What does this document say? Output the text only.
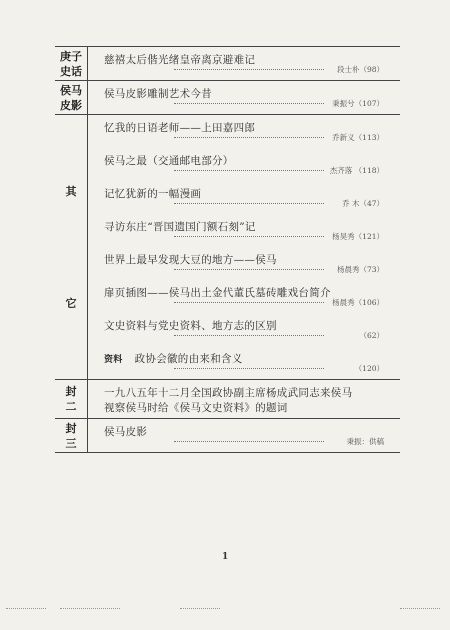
庚子
史话
慈禧太后偕光绪皇帝离京避难记
段士朴（98）
侯马
皮影
侯马皮影雕制艺术今昔
秉振兮（107）
其
它
忆我的日语老师——上田嘉四郎
乔新义（113）
侯马之最（交通邮电部分）
杰齐落 （118）
记忆犹新的一幅漫画
乔 木（47）
寻访东庄“晋国遗国门额石刻”记
杨昊秀（121）
世界上最早发现大豆的地方——侯马
杨晨秀（73）
扉页插图——侯马出土金代董氏墓砖雕戏台简介
杨晨秀（106）
文史资料与党史资料、地方志的区别
（62）
资料 政协会徽的由来和含义
（120）
封
二
一九八五年十二月全国政协副主席杨成武同志来侯马
视察侯马时给《侯马文史资料》的题词
封
三
侯马皮影
秉振：供稿
1
